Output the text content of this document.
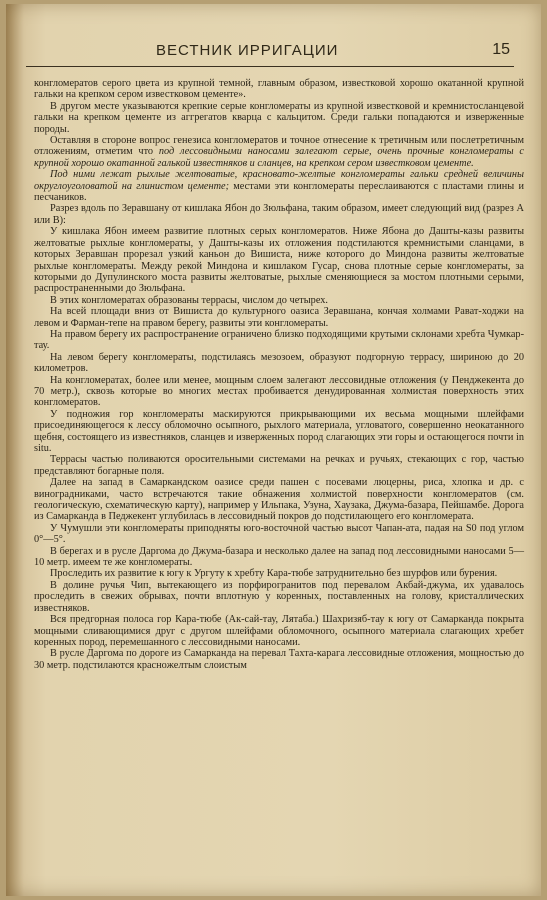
ВЕСТНИК ИРРИГАЦИИ	15

конгломератов серого цвета из крупной темной, главным образом, известковой хорошо окатанной крупной гальки на крепком сером известковом цементе».

В другом месте указываются крепкие серые конгломераты из крупной известковой и кремнистосланцевой гальки на крепком цементе из аггрегатов кварца с кальцитом. Среди гальки попадаются и изверженные породы.

Оставляя в стороне вопрос генезиса конгломератов и точное отнесение к третичным или послетретичным отложениям, отметим что под лессовидными наносами залегают серые, очень прочные конгломераты с крупной хорошо окатанной галькой известняков и сланцев, на крепком сером известковом цементе.

Под ними лежат рыхлые желтоватые, красновато-желтые конгломераты гальки средней величины округлоуголоватой на глинистом цементе; местами эти конгломераты переслаиваются с пластами глины и песчаников.

Разрез вдоль по Зеравшану от кишлака Ябон до Зюльфана, таким образом, имеет следующий вид (разрез А или В):

У кишлака Ябон имеем развитие плотных серых конгломератов. Ниже Ябона до Дашты-казы развиты желтоватые рыхлые конгломераты, у Дашты-казы их отложения подстилаются кремнистыми сланцами, в которых Зеравшан прорезал узкий каньон до Вишиста, ниже которого до Миндона развиты желтоватые рыхлые конгломераты. Между рекой Миндона и кишлаком Гусар, снова плотные серые конгломераты, за которыми до Дупулинского моста развиты желтоватые, рыхлые сменяющиеся за мостом плотными серыми, распространенными до Зюльфана.

В этих конгломератах образованы террасы, числом до четырех.

На всей площади вниз от Вишиста до культурного оазиса Зеравшана, кончая холмами Рават-ходжи на левом и Фарман-тепе на правом берегу, развиты эти конгломераты.

На правом берегу их распространение ограничено близко подходящими крутыми склонами хребта Чумкар-тау.

На левом берегу конгломераты, подстилаясь мезозоем, образуют подгорную террасу, шириною до 20 километров.

На конгломератах, более или менее, мощным слоем залегают лессовидные отложения (у Пенджекента до 70 метр.), сквозь которые во многих местах пробивается денудированная холмистая поверхность этих конгломератов.

У подножия гор конгломераты маскируются прикрывающими их весьма мощными шлейфами присоединяющегося к лессу обломочно осыпного, рыхлого материала, угловатого, совершенно неокатанного щебня, состоящего из известняков, сланцев и изверженных пород слагающих эти горы и остающегося почти in situ.

Террасы частью поливаются оросительными системами на речках и ручьях, стекающих с гор, частью представляют богарные поля.

Далее на запад в Самаркандском оазисе среди пашен с посевами люцерны, риса, хлопка и др. с виноградниками, часто встречаются такие обнажения холмистой поверхности конгломератов (см. геологическую, схематическую карту), например у Ильпака, Узуна, Хаузака, Джума-базара, Пейшамбе. Дорога из Самарканда в Педжекент углубилась в лессовидный покров до подстилающего его конгломерата.

У Чумушли эти конгломераты приподняты юго-восточной частью высот Чапан-ата, падая на S0 под углом 0°—5°.

В берегах и в русле Даргома до Джума-базара и несколько далее на запад под лессовидными наносами 5—10 метр. имеем те же конгломераты.

Проследить их развитие к югу к Ургуту к хребту Кара-тюбе затруднительно без шурфов или бурения.

В долине ручья Чип, вытекающего из порфирогранитов под перевалом Акбай-джума, их удавалось проследить в свежих обрывах, почти вплотную у коренных, поставленных на голову, кристаллических известняков.

Вся предгорная полоса гор Кара-тюбе (Ак-сай-тау, Лятаба.) Шахризяб-тау к югу от Самарканда покрыта мощными сливающимися друг с другом шлейфами обломочного, осыпного материала слагающих хребет коренных пород, перемешанного с лессовидными наносами.

В русле Даргома по дороге из Самарканда на перевал Тахта-карага лессовидные отложения, мощностью до 30 метр. подстилаются краснoжелтым слоистым
